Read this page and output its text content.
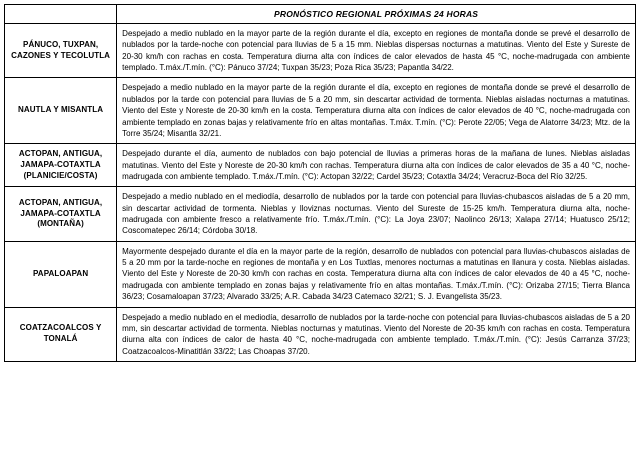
	PRONÓSTICO REGIONAL PRÓXIMAS 24 HORAS
PÁNUCO, TUXPAN, CAZONES Y TECOLUTLA	Despejado a medio nublado en la mayor parte de la región durante el día, excepto en regiones de montaña donde se prevé el desarrollo de nublados por la tarde-noche con potencial para lluvias de 5 a 15 mm. Nieblas dispersas nocturnas a matutinas. Viento del Este y Sureste de 20-30 km/h con rachas en costa. Temperatura diurna alta con índices de calor elevados de hasta 45 °C, noche-madrugada con ambiente templado. T.máx./T.mín. (°C): Pánuco 37/24; Tuxpan 35/23; Poza Rica 35/23; Papantla 34/22.
NAUTLA Y MISANTLA	Despejado a medio nublado en la mayor parte de la región durante el día, excepto en regiones de montaña donde se prevé el desarrollo de nublados por la tarde con potencial para lluvias de 5 a 20 mm, sin descartar actividad de tormenta. Nieblas aisladas nocturnas a matutinas. Viento del Este y Noreste de 20-30 km/h en la costa. Temperatura diurna alta con índices de calor elevados de 40 °C, noche-madrugada con ambiente templado en zonas bajas y relativamente frío en altas montañas. T.máx. T.mín. (°C): Perote 22/05; Vega de Alatorre 34/23; Mtz. de la Torre 35/24; Misantla 32/21.
ACTOPAN, ANTIGUA, JAMAPA-COTAXTLA (PLANICIE/COSTA)	Despejado durante el día, aumento de nublados con bajo potencial de lluvias a primeras horas de la mañana de lunes. Nieblas aisladas matutinas. Viento del Este y Noreste de 20-30 km/h con rachas. Temperatura diurna alta con índices de calor elevados de 35 a 40 °C, noche-madrugada con ambiente templado. T.máx./T.mín. (°C): Actopan 32/22; Cardel 35/23; Cotaxtla 34/24; Veracruz-Boca del Río 32/25.
ACTOPAN, ANTIGUA, JAMAPA-COTAXTLA (MONTAÑA)	Despejado a medio nublado en el mediodía, desarrollo de nublados por la tarde con potencial para lluvias-chubascos aisladas de 5 a 20 mm, sin descartar actividad de tormenta. Nieblas y lloviznas nocturnas. Viento del Sureste de 15-25 km/h. Temperatura diurna alta, noche-madrugada con ambiente fresco a relativamente frío. T.máx./T.mín. (°C): La Joya 23/07; Naolinco 26/13; Xalapa 27/14; Huatusco 25/12; Coscomatepec 26/14; Córdoba 30/18.
PAPALOAPAN	Mayormente despejado durante el día en la mayor parte de la región, desarrollo de nublados con potencial para lluvias-chubascos aisladas de 5 a 20 mm por la tarde-noche en regiones de montaña y en Los Tuxtlas, menores nocturnas a matutinas en llanura y costa. Nieblas aisladas. Viento del Este y Noreste de 20-30 km/h con rachas en costa. Temperatura diurna alta con índices de calor elevados de 40 a 45 °C, noche-madrugada con ambiente templado en zonas bajas y relativamente frío en altas montañas. T.máx./T.mín. (°C): Orizaba 27/15; Tierra Blanca 36/23; Cosamaloapan 37/23; Alvarado 33/25; A.R. Cabada 34/23 Catemaco 32/21; S. J. Evangelista 35/23.
COATZACOALCOS Y TONALÁ	Despejado a medio nublado en el mediodía, desarrollo de nublados por la tarde-noche con potencial para lluvias-chubascos aisladas de 5 a 20 mm, sin descartar actividad de tormenta. Nieblas nocturnas y matutinas. Viento del Noreste de 20-35 km/h con rachas en costa. Temperatura diurna alta con índices de calor de hasta 40 °C, noche-madrugada con ambiente templado. T.máx./T.mín. (°C): Jesús Carranza 37/23; Coatzacoalcos-Minatitlán 33/22; Las Choapas 37/20.
